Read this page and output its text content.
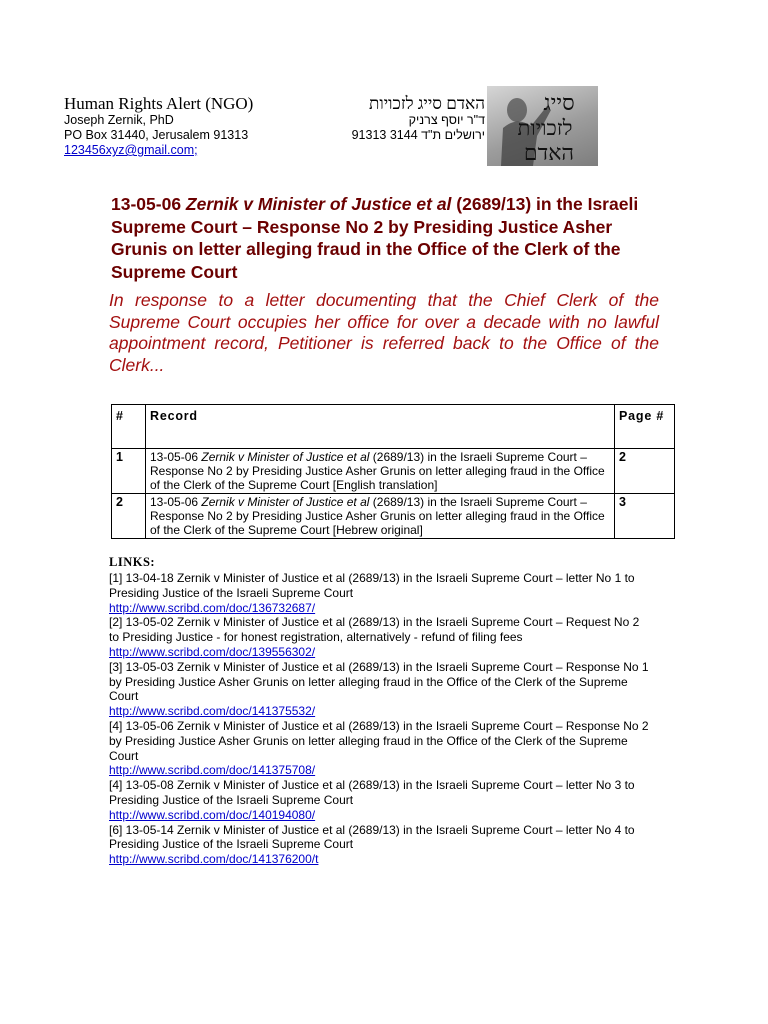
Human Rights Alert (NGO)
Joseph Zernik, PhD
PO Box 31440, Jerusalem 91313
123456xyz@gmail.com;
האדם סייג לזכויות
ד"ר יוסף צרניק
ירושלים ת"ד 3144 91313
סייג
לזכויות
האדם
13-05-06 Zernik v Minister of Justice et al (2689/13) in the Israeli Supreme Court – Response No 2 by Presiding Justice Asher Grunis on letter alleging fraud in the Office of the Clerk of the Supreme Court
In response to a letter documenting that the Chief Clerk of the Supreme Court occupies her office for over a decade with no lawful appointment record, Petitioner is referred back to the Office of the Clerk...
#	Record	Page #
1	13-05-06 Zernik v Minister of Justice et al (2689/13) in the Israeli Supreme Court – Response No 2 by Presiding Justice Asher Grunis on letter alleging fraud in the Office of the Clerk of the Supreme Court [English translation]	2
2	13-05-06 Zernik v Minister of Justice et al (2689/13) in the Israeli Supreme Court – Response No 2 by Presiding Justice Asher Grunis on letter alleging fraud in the Office of the Clerk of the Supreme Court [Hebrew original]	3
LINKS:
[1] 13-04-18 Zernik v Minister of Justice et al (2689/13) in the Israeli Supreme Court – letter No 1 to Presiding Justice of the Israeli Supreme Court
http://www.scribd.com/doc/136732687/
[2] 13-05-02 Zernik v Minister of Justice et al (2689/13) in the Israeli Supreme Court – Request No 2 to Presiding Justice - for honest registration, alternatively - refund of filing fees
http://www.scribd.com/doc/139556302/
[3] 13-05-03 Zernik v Minister of Justice et al (2689/13) in the Israeli Supreme Court – Response No 1 by Presiding Justice Asher Grunis on letter alleging fraud in the Office of the Clerk of the Supreme Court
http://www.scribd.com/doc/141375532/
[4] 13-05-06 Zernik v Minister of Justice et al (2689/13) in the Israeli Supreme Court – Response No 2 by Presiding Justice Asher Grunis on letter alleging fraud in the Office of the Clerk of the Supreme Court
http://www.scribd.com/doc/141375708/
[4] 13-05-08 Zernik v Minister of Justice et al (2689/13) in the Israeli Supreme Court – letter No 3 to Presiding Justice of the Israeli Supreme Court
http://www.scribd.com/doc/140194080/
[6] 13-05-14 Zernik v Minister of Justice et al (2689/13) in the Israeli Supreme Court – letter No 4 to Presiding Justice of the Israeli Supreme Court
http://www.scribd.com/doc/141376200/t
